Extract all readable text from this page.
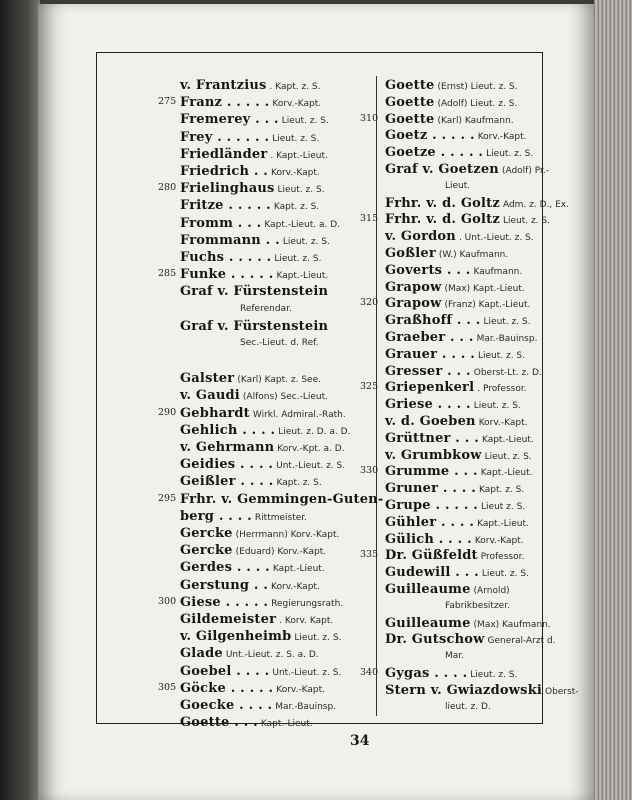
v. Frantzius . Kapt. z. S.
275 Franz . . . . . Korv.-Kapt.
Fremerey . . . Lieut. z. S.
Frey . . . . . . Lieut. z. S.
Friedländer . Kapt.-Lieut.
Friedrich . . Korv.-Kapt.
280 Frielinghaus Lieut. z. S.
Fritze . . . . . Kapt. z. S.
Fromm . . . Kapt.-Lieut. a. D.
Frommann . . Lieut. z. S.
Fuchs . . . . . Lieut. z. S.
285 Funke . . . . . Kapt.-Lieut.
Graf v. Fürstenstein
Referendar.
Graf v. Fürstenstein
Sec.-Lieut. d. Ref.
Galster (Karl) Kapt. z. See.
v. Gaudi (Alfons) Sec.-Lieut.
290 Gebhardt Wirkl. Admiral.-Rath.
Gehlich . . . . Lieut. z. D. a. D.
v. Gehrmann Korv.-Kpt. a. D.
Geidies . . . . Unt.-Lieut. z. S.
Geißler . . . . Kapt. z. S.
295 Frhr. v. Gemmingen-Guten-
berg . . . . Rittmeister.
Gercke (Herrmann) Korv.-Kapt.
Gercke (Eduard) Korv.-Kapt.
Gerdes . . . . Kapt.-Lieut.
Gerstung . . Korv.-Kapt.
300 Giese . . . . . Regierungsrath.
Gildemeister . Korv. Kapt.
v. Gilgenheimb Lieut. z. S.
Glade Unt.-Lieut. z. S. a. D.
Goebel . . . . Unt.-Lieut. z. S.
305 Göcke . . . . . Korv.-Kapt.
Goecke . . . . Mar.-Bauinsp.
Goette . . . Kapt.-Lieut.
Goette (Ernst) Lieut. z. S.
Goette (Adolf) Lieut. z. S.
310 Goette (Karl) Kaufmann.
Goetz . . . . . Korv.-Kapt.
Goetze . . . . . Lieut. z. S.
Graf v. Goetzen (Adolf) Pr.-
Lieut.
Frhr. v. d. Goltz Adm. z. D., Ex.
315 Frhr. v. d. Goltz Lieut. z. S.
v. Gordon . Unt.-Lieut. z. S.
Goßler (W.) Kaufmann.
Goverts . . . Kaufmann.
Grapow (Max) Kapt.-Lieut.
320 Grapow (Franz) Kapt.-Lieut.
Graßhoff . . . Lieut. z. S.
Graeber . . . Mar.-Bauinsp.
Grauer . . . . Lieut. z. S.
Gresser . . . Oberst-Lt. z. D.
325 Griepenkerl . Professor.
Griese . . . . Lieut. z. S.
v. d. Goeben Korv.-Kapt.
Grüttner . . . Kapt.-Lieut.
v. Grumbkow Lieut. z. S.
330 Grumme . . . Kapt.-Lieut.
Gruner . . . . Kapt. z. S.
Grupe . . . . . Lieut z. S.
Gühler . . . . Kapt.-Lieut.
Gülich . . . . Korv.-Kapt.
335 Dr. Güßfeldt Professor.
Gudewill . . . Lieut. z. S.
Guilleaume (Arnold)
Fabrikbesitzer.
Guilleaume (Max) Kaufmann.
Dr. Gutschow General-Arzt d.
Mar.
340 Gygas . . . . Lieut. z. S.
Stern v. Gwiazdowski Oberst-
lieut. z. D.
34
